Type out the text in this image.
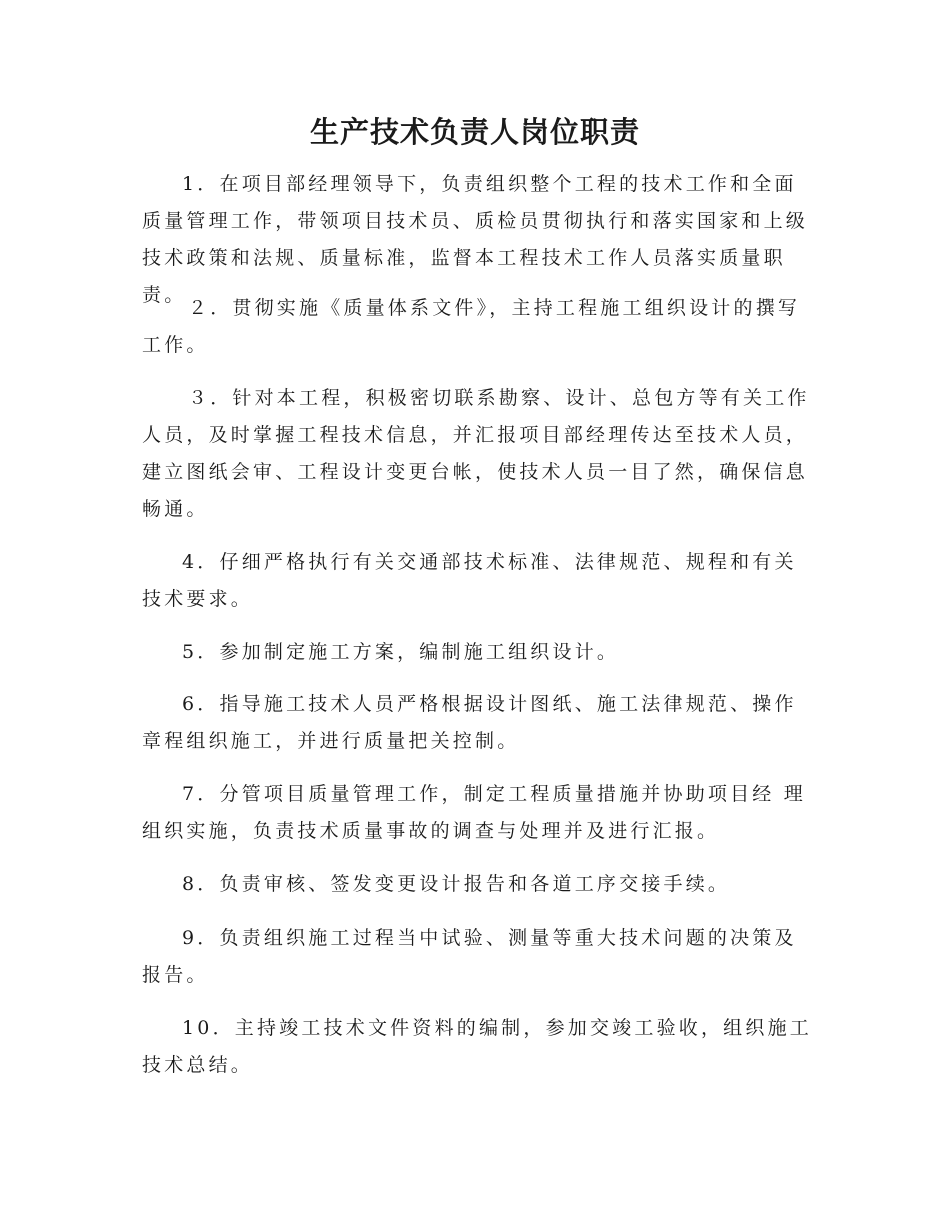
生产技术负责人岗位职责

1．在项目部经理领导下，负责组织整个工程的技术工作和全面质量管理工作，带领项目技术员、质检员贯彻执行和落实国家和上级技术政策和法规、质量标准，监督本工程技术工作人员落实质量职责。

２．贯彻实施《质量体系文件》，主持工程施工组织设计的撰写工作。

３．针对本工程，积极密切联系勘察、设计、总包方等有关工作人员，及时掌握工程技术信息，并汇报项目部经理传达至技术人员，建立图纸会审、工程设计变更台帐，使技术人员一目了然，确保信息畅通。

4．仔细严格执行有关交通部技术标准、法律规范、规程和有关技术要求。

5．参加制定施工方案，编制施工组织设计。

6．指导施工技术人员严格根据设计图纸、施工法律规范、操作章程组织施工，并进行质量把关控制。

7．分管项目质量管理工作，制定工程质量措施并协助项目经 理组织实施，负责技术质量事故的调查与处理并及进行汇报。

8．负责审核、签发变更设计报告和各道工序交接手续。

9．负责组织施工过程当中试验、测量等重大技术问题的决策及报告。

10．主持竣工技术文件资料的编制，参加交竣工验收，组织施工技术总结。
